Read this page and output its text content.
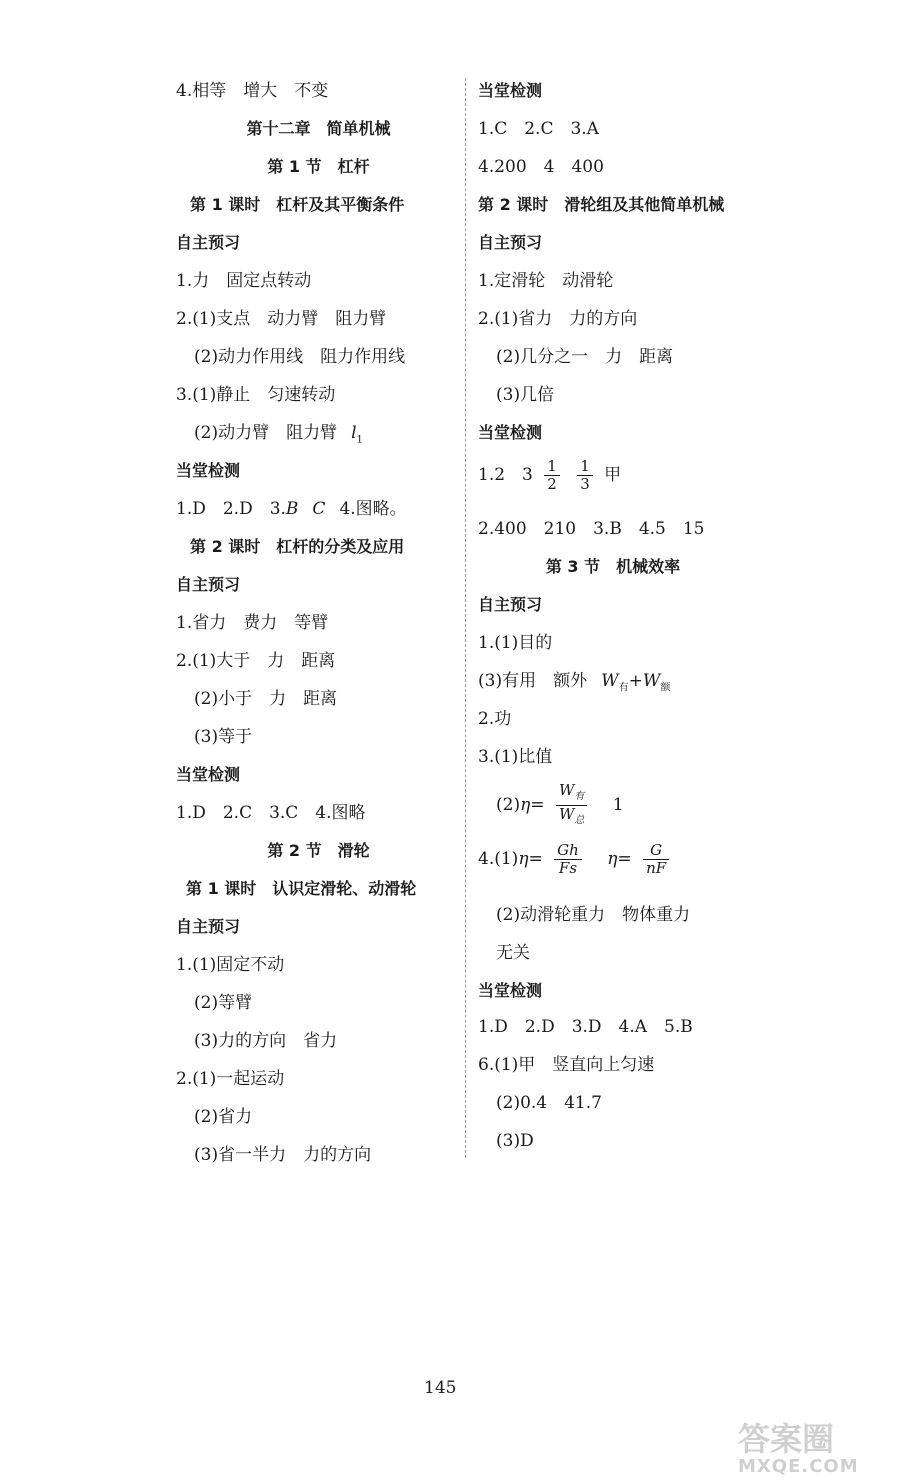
4.相等　增大　不变
第十二章　简单机械
第 1 节　杠杆
第 1 课时　杠杆及其平衡条件
自主预习
1.力　固定点转动
2.(1)支点　动力臂　阻力臂
(2)动力作用线　阻力作用线
3.(1)静止　匀速转动
(2)动力臂　阻力臂 $l_1$
当堂检测
1.D　2.D　3.B C 4.图略。
第 2 课时　杠杆的分类及应用
自主预习
1.省力　费力　等臂
2.(1)大于　力　距离
(2)小于　力　距离
(3)等于
当堂检测
1.D　2.C　3.C　4.图略
第 2 节　滑轮
第 1 课时　认识定滑轮、动滑轮
自主预习
1.(1)固定不动
(2)等臂
(3)力的方向　省力
2.(1)一起运动
(2)省力
(3)省一半力　力的方向
当堂检测
1.C　2.C　3.A
4.200　4　400
第 2 课时　滑轮组及其他简单机械
自主预习
1.定滑轮　动滑轮
2.(1)省力　力的方向
(2)几分之一　力　距离
(3)几倍
当堂检测
1.2　$3 \frac{1}{2}$
$\frac{1}{3}$ 甲
2.400　210　3.B　4.5　15
第 3 节　机械效率
自主预习
1.(1)目的
(3)有用　额外 $W_有+W_额$
2.功
3.(1)比值
$(2)\eta= \frac{W_有}{W_总} 1$
$4.(1)\eta= \frac{Gh}{Fs} \eta= \frac{G}{nF}$
(2)动滑轮重力　物体重力
无关
当堂检测
1.D　2.D　3.D　4.A　5.B
6.(1)甲　竖直向上匀速
(2)0.4　41.7
(3)D
145
答案圈
MXQE.COM
